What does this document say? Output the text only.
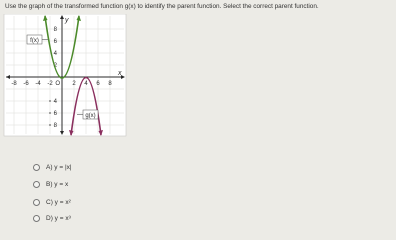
Use the graph of the transformed function g(x) to identify the parent function. Select the correct parent function.
y
x
8
6
4
2
4
6
8
-8 -6 -4 -2 O 2 4 6 8
f(x)
g(x)
A) y = |x|
B) y = x
C) y = x²
D) y = x³
